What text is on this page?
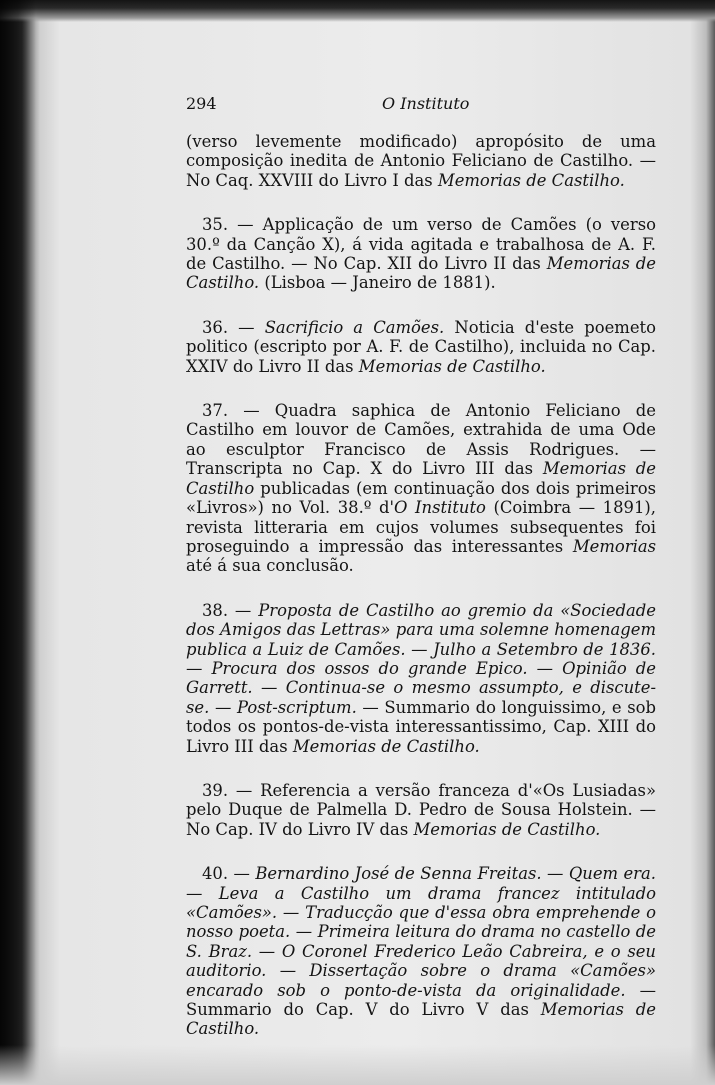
294	O Instituto

(verso levemente modificado) apropósito de uma composição inedita de Antonio Feliciano de Castilho. — No Caq. XXVIII do Livro I das Memorias de Castilho.

35. — Applicação de um verso de Camões (o verso 30.º da Canção X), á vida agitada e trabalhosa de A. F. de Castilho. — No Cap. XII do Livro II das Memorias de Castilho. (Lisboa — Janeiro de 1881).

36. — Sacrificio a Camões. Noticia d'este poemeto politico (escripto por A. F. de Castilho), incluida no Cap. XXIV do Livro II das Memorias de Castilho.

37. — Quadra saphica de Antonio Feliciano de Castilho em louvor de Camões, extrahida de uma Ode ao esculptor Francisco de Assis Rodrigues. — Transcripta no Cap. X do Livro III das Memorias de Castilho publicadas (em continuação dos dois primeiros «Livros») no Vol. 38.º d'O Instituto (Coimbra — 1891), revista litteraria em cujos volumes subsequentes foi proseguindo a impressão das interessantes Memorias até á sua conclusão.

38. — Proposta de Castilho ao gremio da «Sociedade dos Amigos das Lettras» para uma solemne homenagem publica a Luiz de Camões. — Julho a Setembro de 1836. — Procura dos ossos do grande Epico. — Opinião de Garrett. — Continua-se o mesmo assumpto, e discute-se. — Post-scriptum. — Summario do longuissimo, e sob todos os pontos-de-vista interessantissimo, Cap. XIII do Livro III das Memorias de Castilho.

39. — Referencia a versão franceza d'«Os Lusiadas» pelo Duque de Palmella D. Pedro de Sousa Holstein. — No Cap. IV do Livro IV das Memorias de Castilho.

40. — Bernardino José de Senna Freitas. — Quem era. — Leva a Castilho um drama francez intitulado «Camões». — Traducção que d'essa obra emprehende o nosso poeta. — Primeira leitura do drama no castello de S. Braz. — O Coronel Frederico Leão Cabreira, e o seu auditorio. — Dissertação sobre o drama «Camões» encarado sob o ponto-de-vista da originalidade. — Summario do Cap. V do Livro V das Memorias de Castilho.
